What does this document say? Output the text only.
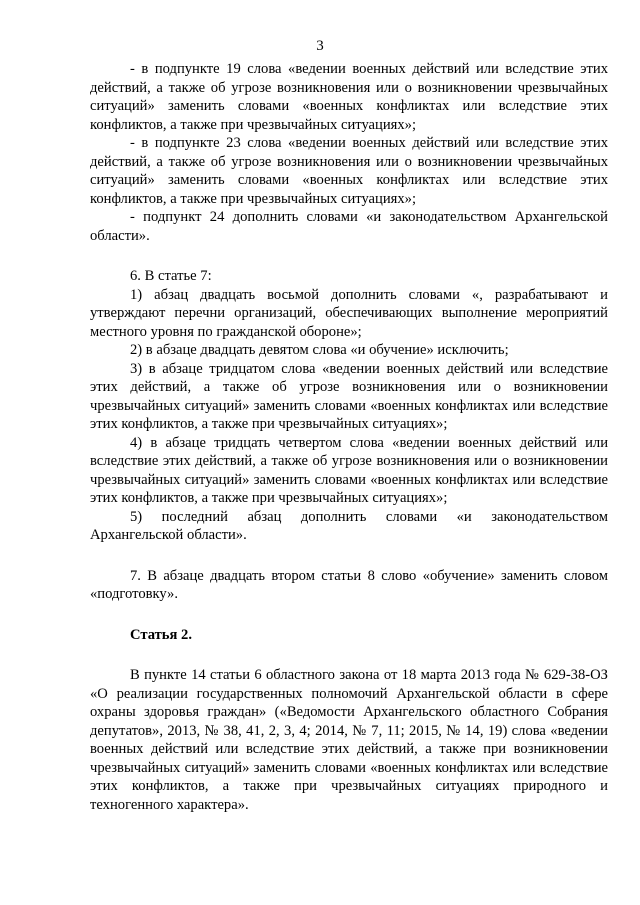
3

- в подпункте 19 слова «ведении военных действий или вследствие этих действий, а также об угрозе возникновения или о возникновении чрезвычайных ситуаций» заменить словами «военных конфликтах или вследствие этих конфликтов, а также при чрезвычайных ситуациях»;

- в подпункте 23 слова «ведении военных действий или вследствие этих действий, а также об угрозе возникновения или о возникновении чрезвычайных ситуаций» заменить словами «военных конфликтах или вследствие этих конфликтов, а также при чрезвычайных ситуациях»;

- подпункт 24 дополнить словами «и законодательством Архангельской области».

6. В статье 7:

1) абзац двадцать восьмой дополнить словами «, разрабатывают и утверждают перечни организаций, обеспечивающих выполнение мероприятий местного уровня по гражданской обороне»;

2) в абзаце двадцать девятом слова «и обучение» исключить;

3) в абзаце тридцатом слова «ведении военных действий или вследствие этих действий, а также об угрозе возникновения или о возникновении чрезвычайных ситуаций» заменить словами «военных конфликтах или вследствие этих конфликтов, а также при чрезвычайных ситуациях»;

4) в абзаце тридцать четвертом слова «ведении военных действий или вследствие этих действий, а также об угрозе возникновения или о возникновении чрезвычайных ситуаций» заменить словами «военных конфликтах или вследствие этих конфликтов, а также при чрезвычайных ситуациях»;

5) последний абзац дополнить словами «и законодательством Архангельской области».

7. В абзаце двадцать втором статьи 8 слово «обучение» заменить словом «подготовку».

Статья 2.

В пункте 14 статьи 6 областного закона от 18 марта 2013 года № 629-38-ОЗ «О реализации государственных полномочий Архангельской области в сфере охраны здоровья граждан» («Ведомости Архангельского областного Собрания депутатов», 2013, № 38, 41, 2, 3, 4; 2014, № 7, 11; 2015, № 14, 19) слова «ведении военных действий или вследствие этих действий, а также при возникновении чрезвычайных ситуаций» заменить словами «военных конфликтах или вследствие этих конфликтов, а также при чрезвычайных ситуациях природного и техногенного характера».
